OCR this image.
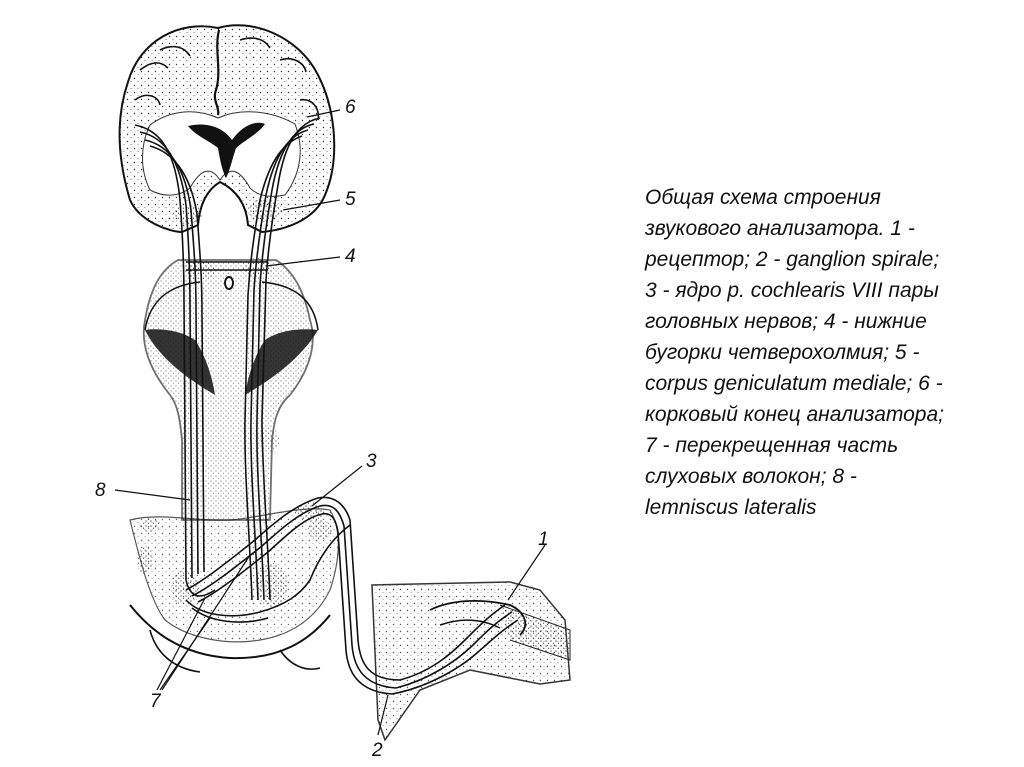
1
2
3
4
5
6
7
8

Общая схема строения звукового анализатора. 1 - рецептор; 2 - ganglion spirale; 3 - ядро р. cochlearis VIII пары головных нервов; 4 - нижние бугорки четверохолмия; 5 - corpus geniculatum mediale; 6 - корковый конец анализатора; 7 - перекрещенная часть слуховых волокон; 8 - lemniscus lateralis
